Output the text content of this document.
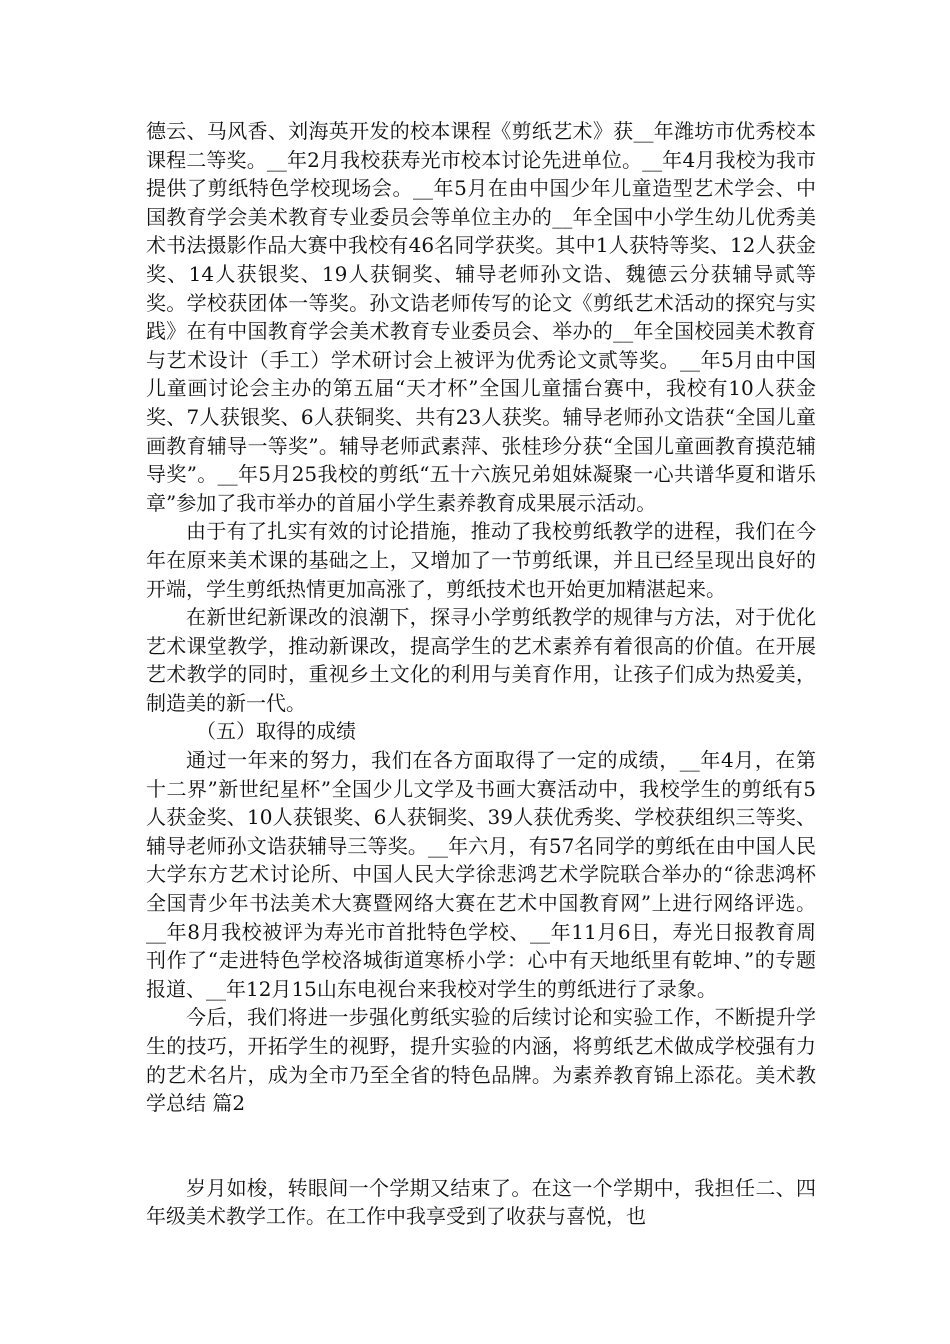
德云、马风香、刘海英开发的校本课程《剪纸艺术》获__年潍坊市优秀校本课程二等奖。__年2月我校获寿光市校本讨论先进单位。__年4月我校为我市提供了剪纸特色学校现场会。__年5月在由中国少年儿童造型艺术学会、中国教育学会美术教育专业委员会等单位主办的__年全国中小学生幼儿优秀美术书法摄影作品大赛中我校有46名同学获奖。其中1人获特等奖、12人获金奖、14人获银奖、19人获铜奖、辅导老师孙文诰、魏德云分获辅导贰等奖。学校获团体一等奖。孙文诰老师传写的论文《剪纸艺术活动的探究与实践》在有中国教育学会美术教育专业委员会、举办的__年全国校园美术教育与艺术设计（手工）学术研讨会上被评为优秀论文贰等奖。__年5月由中国儿童画讨论会主办的第五届“天才杯”全国儿童擂台赛中，我校有10人获金奖、7人获银奖、6人获铜奖、共有23人获奖。辅导老师孙文诰获“全国儿童画教育辅导一等奖”。辅导老师武素萍、张桂珍分获“全国儿童画教育摸范辅导奖”。__年5月25我校的剪纸“五十六族兄弟姐妹凝聚一心共谱华夏和谐乐章”参加了我市举办的首届小学生素养教育成果展示活动。

由于有了扎实有效的讨论措施，推动了我校剪纸教学的进程，我们在今年在原来美术课的基础之上，又增加了一节剪纸课，并且已经呈现出良好的开端，学生剪纸热情更加高涨了，剪纸技术也开始更加精湛起来。

在新世纪新课改的浪潮下，探寻小学剪纸教学的规律与方法，对于优化艺术课堂教学，推动新课改，提高学生的艺术素养有着很高的价值。在开展艺术教学的同时，重视乡土文化的利用与美育作用，让孩子们成为热爱美，制造美的新一代。

（五）取得的成绩

通过一年来的努力，我们在各方面取得了一定的成绩，__年4月，在第十二界”新世纪星杯”全国少儿文学及书画大赛活动中，我校学生的剪纸有5人获金奖、10人获银奖、6人获铜奖、39人获优秀奖、学校获组织三等奖、辅导老师孙文诰获辅导三等奖。__年六月，有57名同学的剪纸在由中国人民大学东方艺术讨论所、中国人民大学徐悲鸿艺术学院联合举办的“徐悲鸿杯全国青少年书法美术大赛暨网络大赛在艺术中国教育网”上进行网络评选。__年8月我校被评为寿光市首批特色学校、__年11月6日，寿光日报教育周刊作了“走进特色学校洛城街道寒桥小学：心中有天地纸里有乾坤、”的专题报道、__年12月15山东电视台来我校对学生的剪纸进行了录象。

今后，我们将进一步强化剪纸实验的后续讨论和实验工作，不断提升学生的技巧，开拓学生的视野，提升实验的内涵，将剪纸艺术做成学校强有力的艺术名片，成为全市乃至全省的特色品牌。为素养教育锦上添花。美术教学总结 篇2

岁月如梭，转眼间一个学期又结束了。在这一个学期中，我担任二、四年级美术教学工作。在工作中我享受到了收获与喜悦，也
